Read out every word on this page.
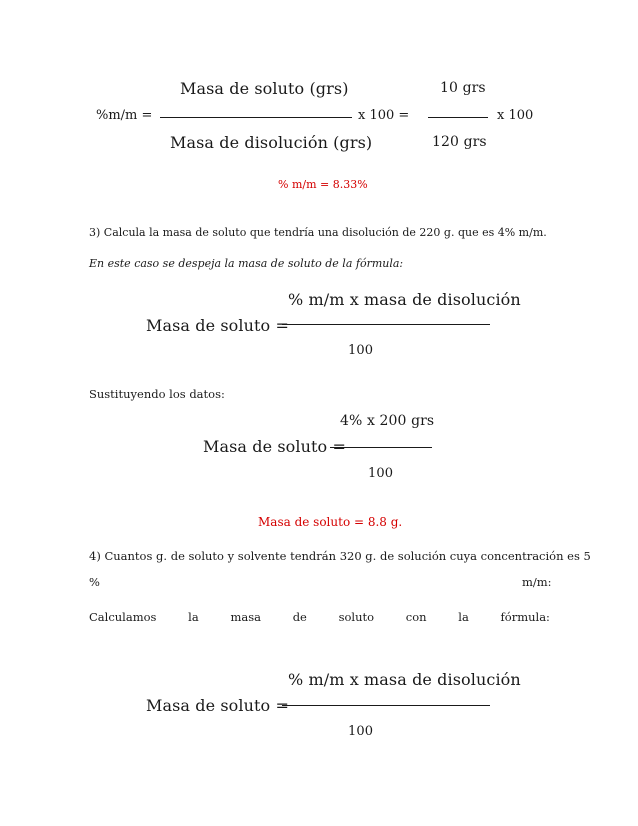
Masa de soluto (grs)
%m/m =	x 100 =
Masa de disolución (grs)
10 grs
x 100
120 grs
% m/m = 8.33%
3) Calcula la masa de soluto que tendría una disolución de 220 g. que es 4% m/m.
En este caso se despeja la masa de soluto de la fórmula:
% m/m x masa de disolución
Masa de soluto =
100
Sustituyendo los datos:
4% x 200 grs
Masa de soluto =
100
Masa de soluto = 8.8 g.
4) Cuantos g. de soluto y solvente tendrán 320 g. de solución cuya concentración es 5
%	m/m:
Calculamos	la	masa	de	soluto	con	la	fórmula:
% m/m x masa de disolución
Masa de soluto =
100
